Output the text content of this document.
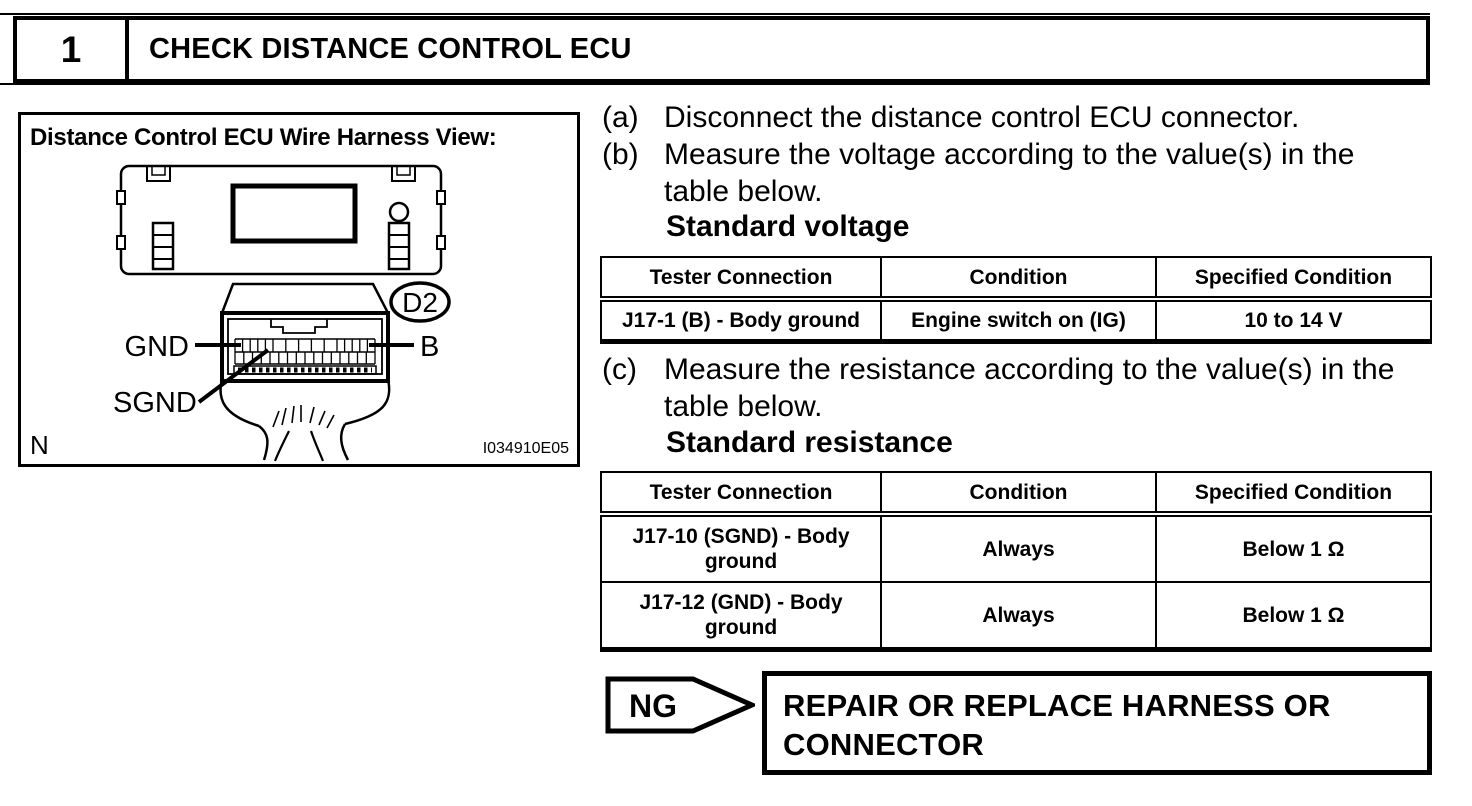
1	CHECK DISTANCE CONTROL ECU
D2
GND	B
SGND
N	I034910E05
Distance Control ECU Wire Harness View:
(a) Disconnect the distance control ECU connector.
(b) Measure the voltage according to the value(s) in the table below.
Standard voltage
Tester Connection	Condition	Specified Condition
J17-1 (B) - Body ground	Engine switch on (IG)	10 to 14 V
(c) Measure the resistance according to the value(s) in the table below.
Standard resistance
Tester Connection	Condition	Specified Condition
J17-10 (SGND) - Body ground	Always	Below 1 Ω
J17-12 (GND) - Body ground	Always	Below 1 Ω
NG	REPAIR OR REPLACE HARNESS OR CONNECTOR
